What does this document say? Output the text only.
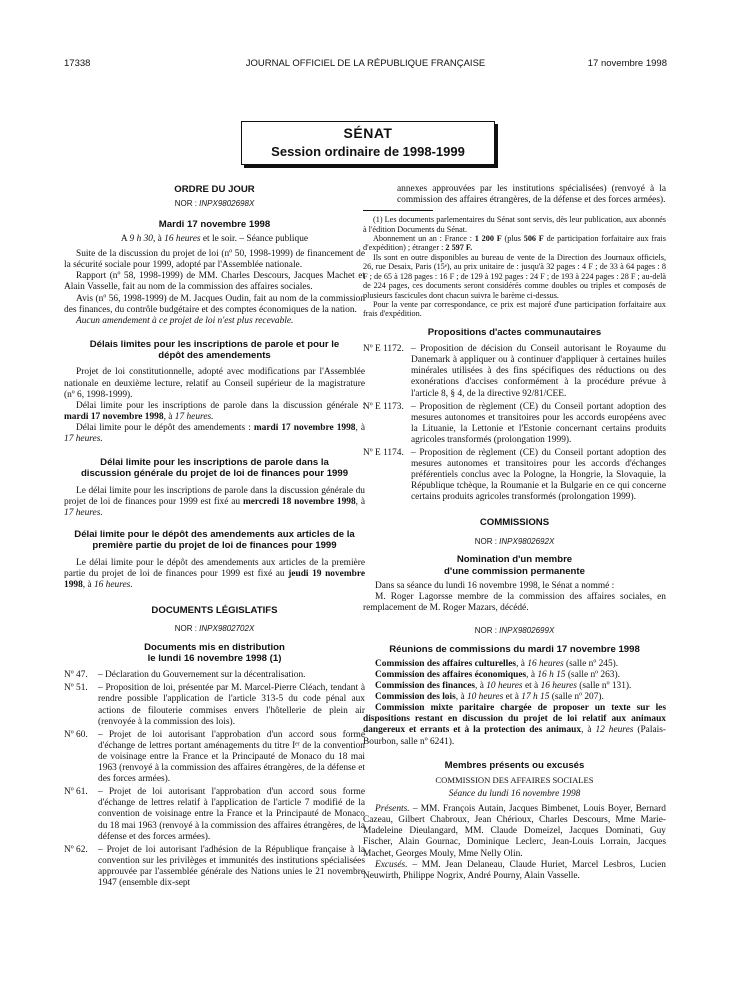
17338	JOURNAL OFFICIEL DE LA RÉPUBLIQUE FRANÇAISE	17 novembre 1998
SÉNAT
Session ordinaire de 1998-1999
ORDRE DU JOUR
NOR : INPX9802698X
Mardi 17 novembre 1998
A 9 h 30, à 16 heures et le soir. – Séance publique

Suite de la discussion du projet de loi (nº 50, 1998-1999) de financement de la sécurité sociale pour 1999, adopté par l'Assemblée nationale.

Rapport (nº 58, 1998-1999) de MM. Charles Descours, Jacques Machet et Alain Vasselle, fait au nom de la commission des affaires sociales.

Avis (nº 56, 1998-1999) de M. Jacques Oudin, fait au nom de la commission des finances, du contrôle budgétaire et des comptes économiques de la nation.

Aucun amendement à ce projet de loi n'est plus recevable.

Délais limites pour les inscriptions de parole et pour le dépôt des amendements

Projet de loi constitutionnelle, adopté avec modifications par l'Assemblée nationale en deuxième lecture, relatif au Conseil supérieur de la magistrature (nº 6, 1998-1999).

Délai limite pour les inscriptions de parole dans la discussion générale : mardi 17 novembre 1998, à 17 heures.

Délai limite pour le dépôt des amendements : mardi 17 novembre 1998, à 17 heures.

Délai limite pour les inscriptions de parole dans la discussion générale du projet de loi de finances pour 1999

Le délai limite pour les inscriptions de parole dans la discussion générale du projet de loi de finances pour 1999 est fixé au mercredi 18 novembre 1998, à 17 heures.

Délai limite pour le dépôt des amendements aux articles de la première partie du projet de loi de finances pour 1999

Le délai limite pour le dépôt des amendements aux articles de la première partie du projet de loi de finances pour 1999 est fixé au jeudi 19 novembre 1998, à 16 heures.

DOCUMENTS LÉGISLATIFS
NOR : INPX9802702X
Documents mis en distribution
le lundi 16 novembre 1998 (1)
Nº 47.	– Déclaration du Gouvernement sur la décentralisation.
Nº 51.	– Proposition de loi, présentée par M. Marcel-Pierre Cléach, tendant à rendre possible l'application de l'article 313-5 du code pénal aux actions de filouterie commises envers l'hôtellerie de plein air (renvoyée à la commission des lois).
Nº 60.	– Projet de loi autorisant l'approbation d'un accord sous forme d'échange de lettres portant aménagements du titre Iᵉʳ de la convention de voisinage entre la France et la Principauté de Monaco du 18 mai 1963 (renvoyé à la commission des affaires étrangères, de la défense et des forces armées).
Nº 61.	– Projet de loi autorisant l'approbation d'un accord sous forme d'échange de lettres relatif à l'application de l'article 7 modifié de la convention de voisinage entre la France et la Principauté de Monaco du 18 mai 1963 (renvoyé à la commission des affaires étrangères, de la défense et des forces armées).
Nº 62.	– Projet de loi autorisant l'adhésion de la République française à la convention sur les privilèges et immunités des institutions spécialisées approuvée par l'assemblée générale des Nations unies le 21 novembre 1947 (ensemble dix-sept

annexes approuvées par les institutions spécialisées) (renvoyé à la commission des affaires étrangères, de la défense et des forces armées).

(1) Les documents parlementaires du Sénat sont servis, dès leur publication, aux abonnés à l'édition Documents du Sénat.

Abonnement un an : France : 1 200 F (plus 506 F de participation forfaitaire aux frais d'expédition) ; étranger : 2 597 F.

Ils sont en outre disponibles au bureau de vente de la Direction des Journaux officiels, 26, rue Desaix, Paris (15ᵉ), au prix unitaire de : jusqu'à 32 pages : 4 F ; de 33 à 64 pages : 8 F ; de 65 à 128 pages : 16 F ; de 129 à 192 pages : 24 F ; de 193 à 224 pages : 28 F ; au-delà de 224 pages, ces documents seront considérés comme doubles ou triples et composés de plusieurs fascicules dont chacun suivra le barème ci-dessus.

Pour la vente par correspondance, ce prix est majoré d'une participation forfaitaire aux frais d'expédition.

Propositions d'actes communautaires
Nº E 1172. – Proposition de décision du Conseil autorisant le Royaume du Danemark à appliquer ou à continuer d'appliquer à certaines huiles minérales utilisées à des fins spécifiques des réductions ou des exonérations d'accises conformément à la procédure prévue à l'article 8, § 4, de la directive 92/81/CEE.
Nº E 1173. – Proposition de règlement (CE) du Conseil portant adoption des mesures autonomes et transitoires pour les accords européens avec la Lituanie, la Lettonie et l'Estonie concernant certains produits agricoles transformés (prolongation 1999).
Nº E 1174. – Proposition de règlement (CE) du Conseil portant adoption des mesures autonomes et transitoires pour les accords d'échanges préférentiels conclus avec la Pologne, la Hongrie, la Slovaquie, la République tchèque, la Roumanie et la Bulgarie en ce qui concerne certains produits agricoles transformés (prolongation 1999).
COMMISSIONS
NOR : INPX9802692X
Nomination d'un membre
d'une commission permanente

Dans sa séance du lundi 16 novembre 1998, le Sénat a nommé :

M. Roger Lagorsse membre de la commission des affaires sociales, en remplacement de M. Roger Mazars, décédé.

NOR : INPX9802699X
Réunions de commissions du mardi 17 novembre 1998

Commission des affaires culturelles, à 16 heures (salle nº 245).

Commission des affaires économiques, à 16 h 15 (salle nº 263).

Commission des finances, à 10 heures et à 16 heures (salle nº 131).

Commission des lois, à 10 heures et à 17 h 15 (salle nº 207).

Commission mixte paritaire chargée de proposer un texte sur les dispositions restant en discussion du projet de loi relatif aux animaux dangereux et errants et à la protection des animaux, à 12 heures (Palais-Bourbon, salle nº 6241).

Membres présents ou excusés
COMMISSION DES AFFAIRES SOCIALES
Séance du lundi 16 novembre 1998

Présents. – MM. François Autain, Jacques Bimbenet, Louis Boyer, Bernard Cazeau, Gilbert Chabroux, Jean Chérioux, Charles Descours, Mme Marie-Madeleine Dieulangard, MM. Claude Domeizel, Jacques Dominati, Guy Fischer, Alain Gournac, Dominique Leclerc, Jean-Louis Lorrain, Jacques Machet, Georges Mouly, Mme Nelly Olin.

Excusés. – MM. Jean Delaneau, Claude Huriet, Marcel Lesbros, Lucien Neuwirth, Philippe Nogrix, André Pourny, Alain Vasselle.
